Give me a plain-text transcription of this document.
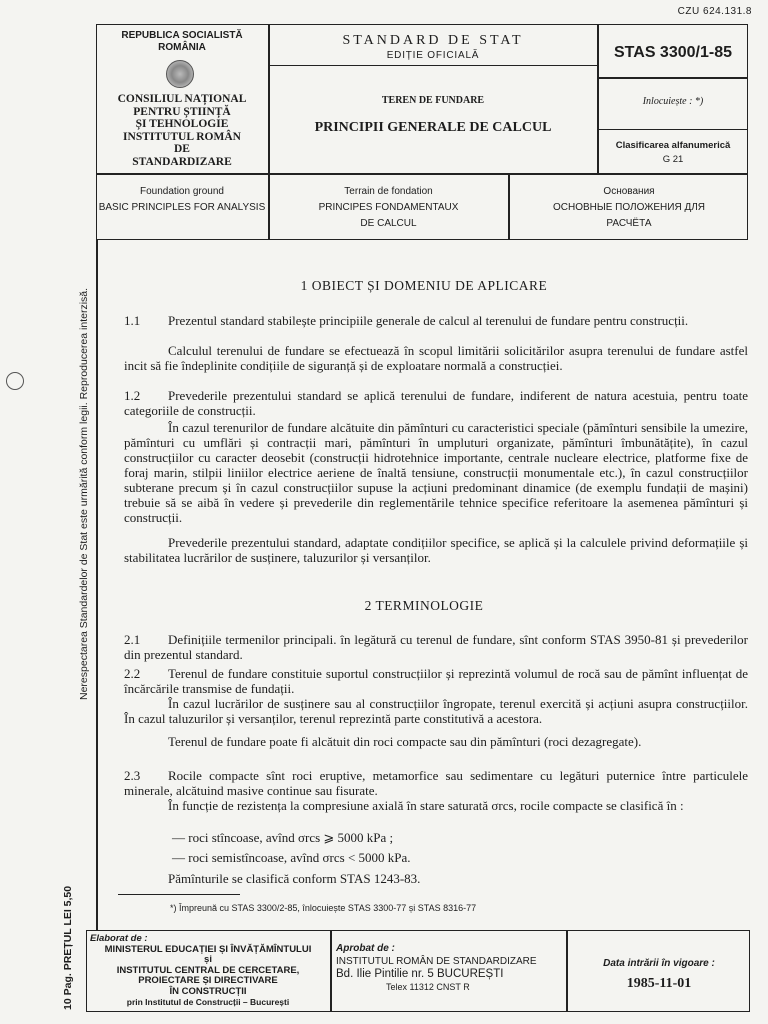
CZU 624.131.8
Nerespectarea Standardelor de Stat este urmărită conform legii. Reproducerea interzisă.
10 Pag. PREȚUL LEI 5,50
REPUBLICA SOCIALISTĂ
ROMÂNIA
CONSILIUL NAȚIONAL
PENTRU ȘTIINȚĂ
ȘI TEHNOLOGIE
INSTITUTUL ROMÂN
DE
STANDARDIZARE
STANDARD DE STAT
EDIȚIE OFICIALĂ
TEREN DE FUNDARE
PRINCIPII GENERALE DE CALCUL
STAS 3300/1-85
Inlocuiește : *)
Clasificarea alfanumerică
G 21
Foundation ground
BASIC PRINCIPLES FOR ANALYSIS
Terrain de fondation
PRINCIPES FONDAMENTAUX
DE CALCUL
Основания
ОСНОВНЫЕ ПОЛОЖЕНИЯ ДЛЯ
РАСЧЁТА
1 OBIECT ȘI DOMENIU DE APLICARE
1.1 Prezentul standard stabilește principiile generale de calcul al terenului de fundare pentru construcții.
Calculul terenului de fundare se efectuează în scopul limitării solicitărilor asupra terenului de fundare astfel incit să fie îndeplinite condițiile de siguranță și de exploatare normală a construcției.
1.2 Prevederile prezentului standard se aplică terenului de fundare, indiferent de natura acestuia, pentru toate categoriile de construcții.
În cazul terenurilor de fundare alcătuite din pămînturi cu caracteristici speciale (pămînturi sensibile la umezire, pămînturi cu umflări și contracții mari, pămînturi în umpluturi organizate, pămînturi îmbunătățite), în cazul construcțiilor cu caracter deosebit (construcții hidrotehnice importante, centrale nucleare electrice, platforme fixe de foraj marin, stilpii liniilor electrice aeriene de înaltă tensiune, construcții monumentale etc.), în cazul construcțiilor subterane precum și în cazul construcțiilor supuse la acțiuni predominant dinamice (de exemplu fundații de mașini) trebuie să se aibă în vedere și prevederile din reglementările tehnice specifice referitoare la asemenea pămînturi și construcții.
Prevederile prezentului standard, adaptate condițiilor specifice, se aplică și la calculele privind deformațiile și stabilitatea lucrărilor de susținere, taluzurilor și versanților.
2 TERMINOLOGIE
2.1 Definițiile termenilor principali. în legătură cu terenul de fundare, sînt conform STAS 3950-81 și prevederilor din prezentul standard.
2.2 Terenul de fundare constituie suportul construcțiilor și reprezintă volumul de rocă sau de pămînt influențat de încărcările transmise de fundații.
În cazul lucrărilor de susținere sau al construcțiilor îngropate, terenul exercită și acțiuni asupra construcțiilor. În cazul taluzurilor și versanților, terenul reprezintă parte constitutivă a acestora.
Terenul de fundare poate fi alcătuit din roci compacte sau din pămînturi (roci dezagregate).
2.3 Rocile compacte sînt roci eruptive, metamorfice sau sedimentare cu legături puternice între particulele minerale, alcătuind masive continue sau fisurate.
În funcție de rezistența la compresiune axială în stare saturată σrcs, rocile compacte se clasifică în :
— roci stîncoase, avînd σrcs ⩾ 5000 kPa ;
— roci semistîncoase, avînd σrcs < 5000 kPa.
Pămînturile se clasifică conform STAS 1243-83.
*) Împreună cu STAS 3300/2-85, înlocuiește STAS 3300-77 și STAS 8316-77
Elaborat de :
MINISTERUL EDUCAȚIEI ȘI ÎNVĂȚĂMÎNTULUI
și
INSTITUTUL CENTRAL DE CERCETARE,
PROIECTARE ȘI DIRECTIVARE
ÎN CONSTRUCȚII
prin Institutul de Construcții – București
Aprobat de :
INSTITUTUL ROMÂN DE STANDARDIZARE
Bd. Ilie Pintilie nr. 5 BUCUREȘTI
Telex 11312 CNST R
Data intrării în vigoare :
1985-11-01
